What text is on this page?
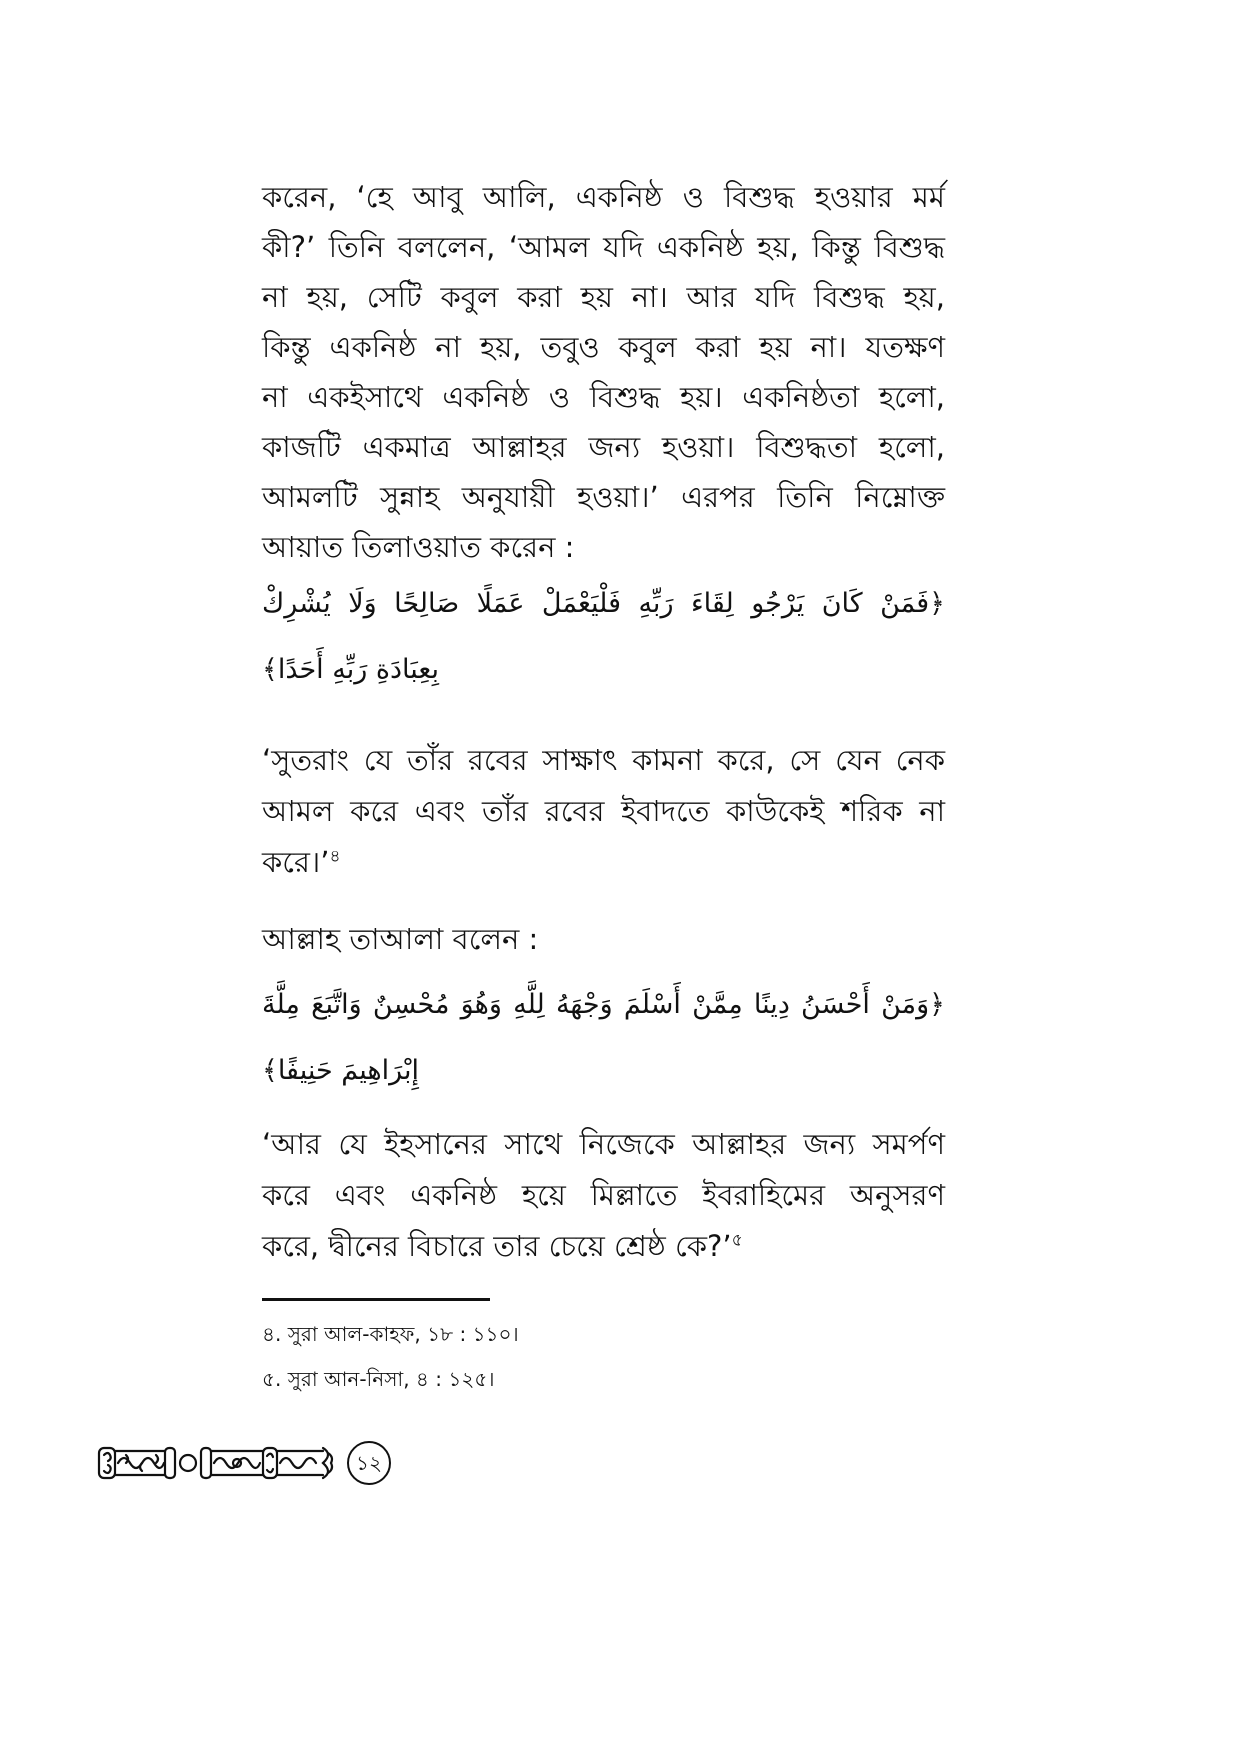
করেন, ‘হে আবু আলি, একনিষ্ঠ ও বিশুদ্ধ হওয়ার মর্ম
কী?’ তিনি বললেন, ‘আমল যদি একনিষ্ঠ হয়, কিন্তু বিশুদ্ধ
না হয়, সেটি কবুল করা হয় না। আর যদি বিশুদ্ধ হয়,
কিন্তু একনিষ্ঠ না হয়, তবুও কবুল করা হয় না। যতক্ষণ
না একইসাথে একনিষ্ঠ ও বিশুদ্ধ হয়। একনিষ্ঠতা হলো,
কাজটি একমাত্র আল্লাহর জন্য হওয়া। বিশুদ্ধতা হলো,
আমলটি সুন্নাহ অনুযায়ী হওয়া।’ এরপর তিনি নিম্নোক্ত
আয়াত তিলাওয়াত করেন :
﴿فَمَنْ كَانَ يَرْجُو لِقَاءَ رَبِّهِ فَلْيَعْمَلْ عَمَلًا صَالِحًا وَلَا يُشْرِكْ
بِعِبَادَةِ رَبِّهِ أَحَدًا﴾
‘সুতরাং যে তাঁর রবের সাক্ষাৎ কামনা করে, সে যেন নেক
আমল করে এবং তাঁর রবের ইবাদতে কাউকেই শরিক না
করে।’$^৪$
আল্লাহ তাআলা বলেন :
﴿وَمَنْ أَحْسَنُ دِينًا مِمَّنْ أَسْلَمَ وَجْهَهُ لِلَّهِ وَهُوَ مُحْسِنٌ وَاتَّبَعَ مِلَّةَ
إِبْرَاهِيمَ حَنِيفًا﴾
‘আর যে ইহসানের সাথে নিজেকে আল্লাহর জন্য সমর্পণ
করে এবং একনিষ্ঠ হয়ে মিল্লাতে ইবরাহিমের অনুসরণ
করে, দ্বীনের বিচারে তার চেয়ে শ্রেষ্ঠ কে?’$^৫$
৪. সুরা আল-কাহফ, ১৮ : ১১০।
৫. সুরা আন-নিসা, ৪ : ১২৫।
১২
